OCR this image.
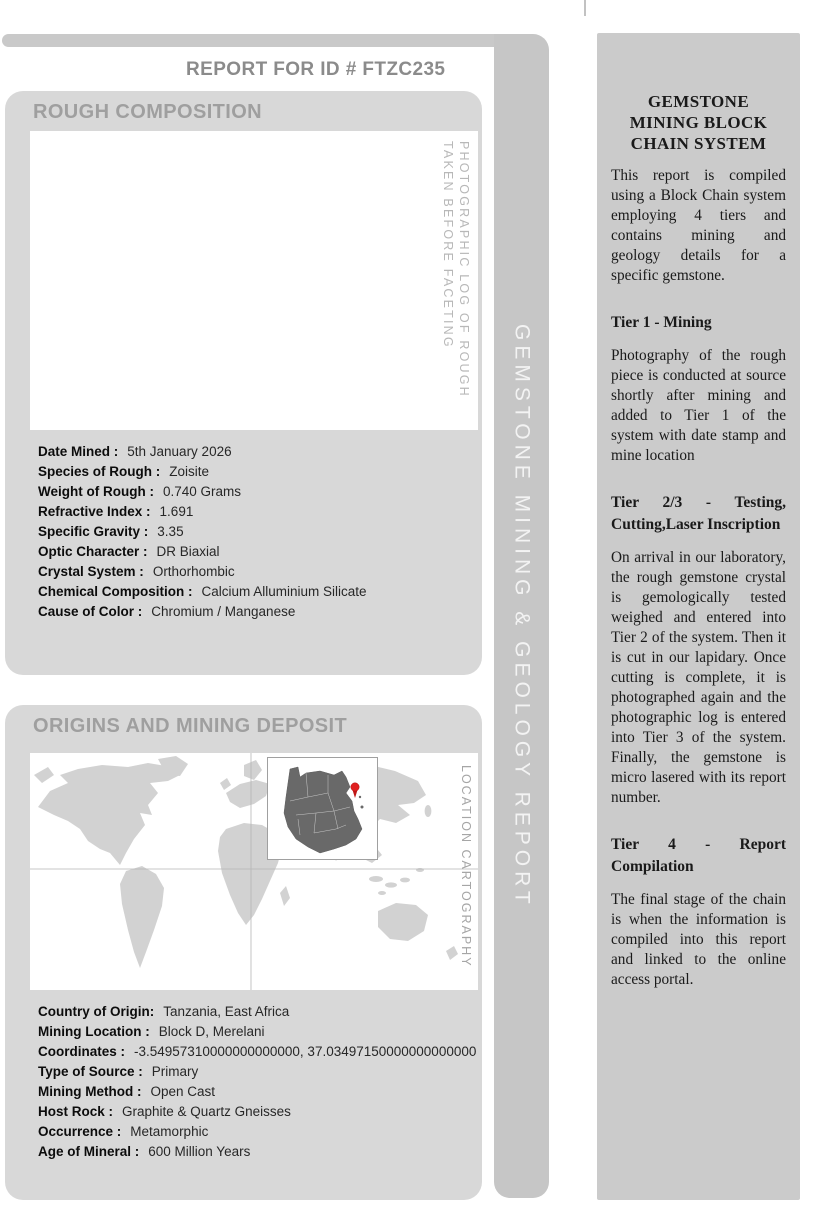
GEMSTONE MINING & GEOLOGY REPORT
REPORT FOR ID # FTZC235
ROUGH COMPOSITION
PHOTOGRAPHIC LOG OF ROUGH
TAKEN BEFORE FACETING
Date Mined : 5th January 2026
Species of Rough : Zoisite
Weight of Rough : 0.740 Grams
Refractive Index : 1.691
Specific Gravity : 3.35
Optic Character : DR Biaxial
Crystal System : Orthorhombic
Chemical Composition : Calcium Alluminium Silicate
Cause of Color : Chromium / Manganese
ORIGINS AND MINING DEPOSIT
LOCATION CARTOGRAPHY
Country of Origin: Tanzania, East Africa
Mining Location : Block D, Merelani
Coordinates : -3.54957310000000000000, 37.03497150000000000000
Type of Source : Primary
Mining Method : Open Cast
Host Rock : Graphite & Quartz Gneisses
Occurrence : Metamorphic
Age of Mineral : 600 Million Years

GEMSTONE MINING BLOCK CHAIN SYSTEM

This report is compiled using a Block Chain system employing 4 tiers and contains mining and geology details for a specific gemstone.

Tier 1 - Mining

Photography of the rough piece is conducted at source shortly after mining and added to Tier 1 of the system with date stamp and mine location

Tier 2/3 - Testing, Cutting,Laser Inscription

On arrival in our laboratory, the rough gemstone crystal is gemologically tested weighed and entered into Tier 2 of the system. Then it is cut in our lapidary. Once cutting is complete, it is photographed again and the photographic log is entered into Tier 3 of the system. Finally, the gemstone is micro lasered with its report number.

Tier 4 - Report Compilation

The final stage of the chain is when the information is compiled into this report and linked to the online access portal.
